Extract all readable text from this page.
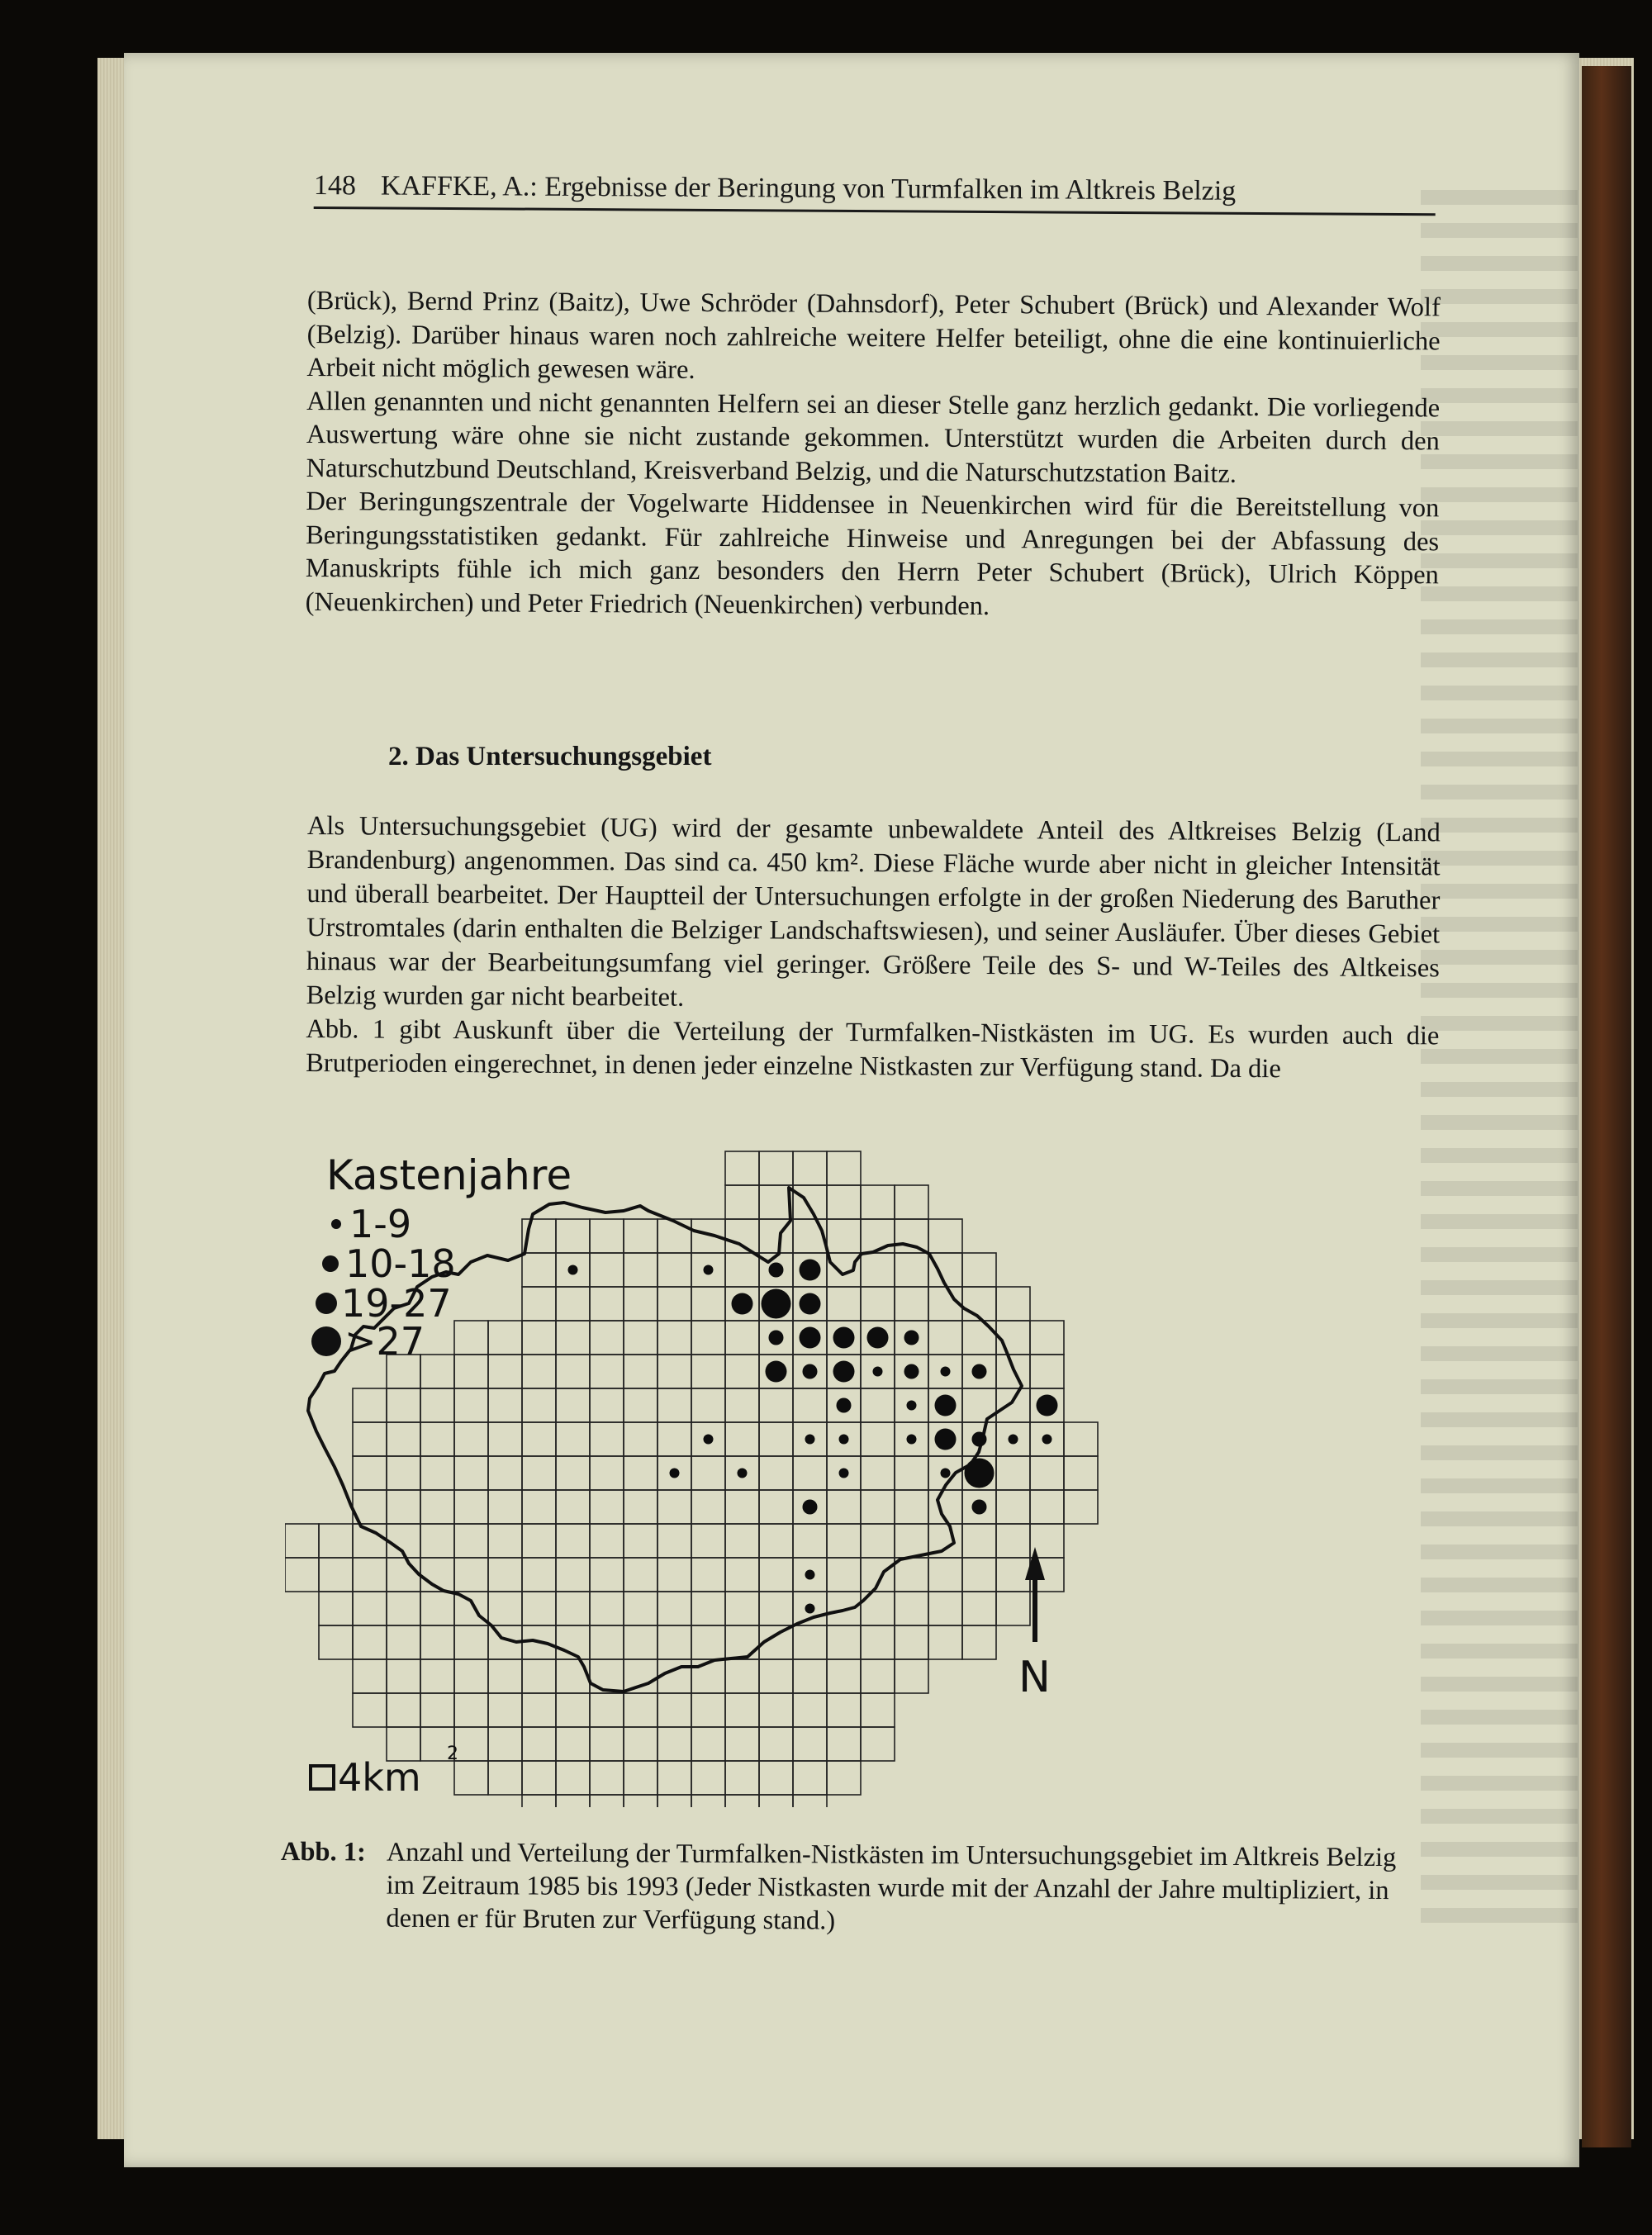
148 KAFFKE, A.: Ergebnisse der Beringung von Turmfalken im Altkreis Belzig

(Brück), Bernd Prinz (Baitz), Uwe Schröder (Dahnsdorf), Peter Schubert (Brück) und Alexander Wolf (Belzig). Darüber hinaus waren noch zahlreiche weitere Helfer beteiligt, ohne die eine kontinuierliche Arbeit nicht möglich gewesen wäre.

Allen genannten und nicht genannten Helfern sei an dieser Stelle ganz herzlich gedankt. Die vorliegende Auswertung wäre ohne sie nicht zustande gekommen. Unterstützt wurden die Arbeiten durch den Naturschutzbund Deutschland, Kreisverband Belzig, und die Naturschutzstation Baitz.

Der Beringungszentrale der Vogelwarte Hiddensee in Neuenkirchen wird für die Bereitstellung von Beringungsstatistiken gedankt. Für zahlreiche Hinweise und Anregungen bei der Abfassung des Manuskripts fühle ich mich ganz besonders den Herrn Peter Schubert (Brück), Ulrich Köppen (Neuenkirchen) und Peter Friedrich (Neuenkirchen) verbunden.

2. Das Untersuchungsgebiet

Als Untersuchungsgebiet (UG) wird der gesamte unbewaldete Anteil des Altkreises Belzig (Land Brandenburg) angenommen. Das sind ca. 450 km². Diese Fläche wurde aber nicht in gleicher Intensität und überall bearbeitet. Der Hauptteil der Untersuchungen erfolgte in der großen Niederung des Baruther Urstromtales (darin enthalten die Belziger Landschaftswiesen), und seiner Ausläufer. Über dieses Gebiet hinaus war der Bearbeitungsumfang viel geringer. Größere Teile des S- und W-Teiles des Altkeises Belzig wurden gar nicht bearbeitet.

Abb. 1 gibt Auskunft über die Verteilung der Turmfalken-Nistkästen im UG. Es wurden auch die Brutperioden eingerechnet, in denen jeder einzelne Nistkasten zur Verfügung stand. Da die

Kastenjahre
1-9
10-18
19-27
>27
4km
2
N
Abb. 1: Anzahl und Verteilung der Turmfalken-Nistkästen im Untersuchungsgebiet im Altkreis Belzig im Zeitraum 1985 bis 1993 (Jeder Nistkasten wurde mit der Anzahl der Jahre multipliziert, in denen er für Bruten zur Verfügung stand.)
